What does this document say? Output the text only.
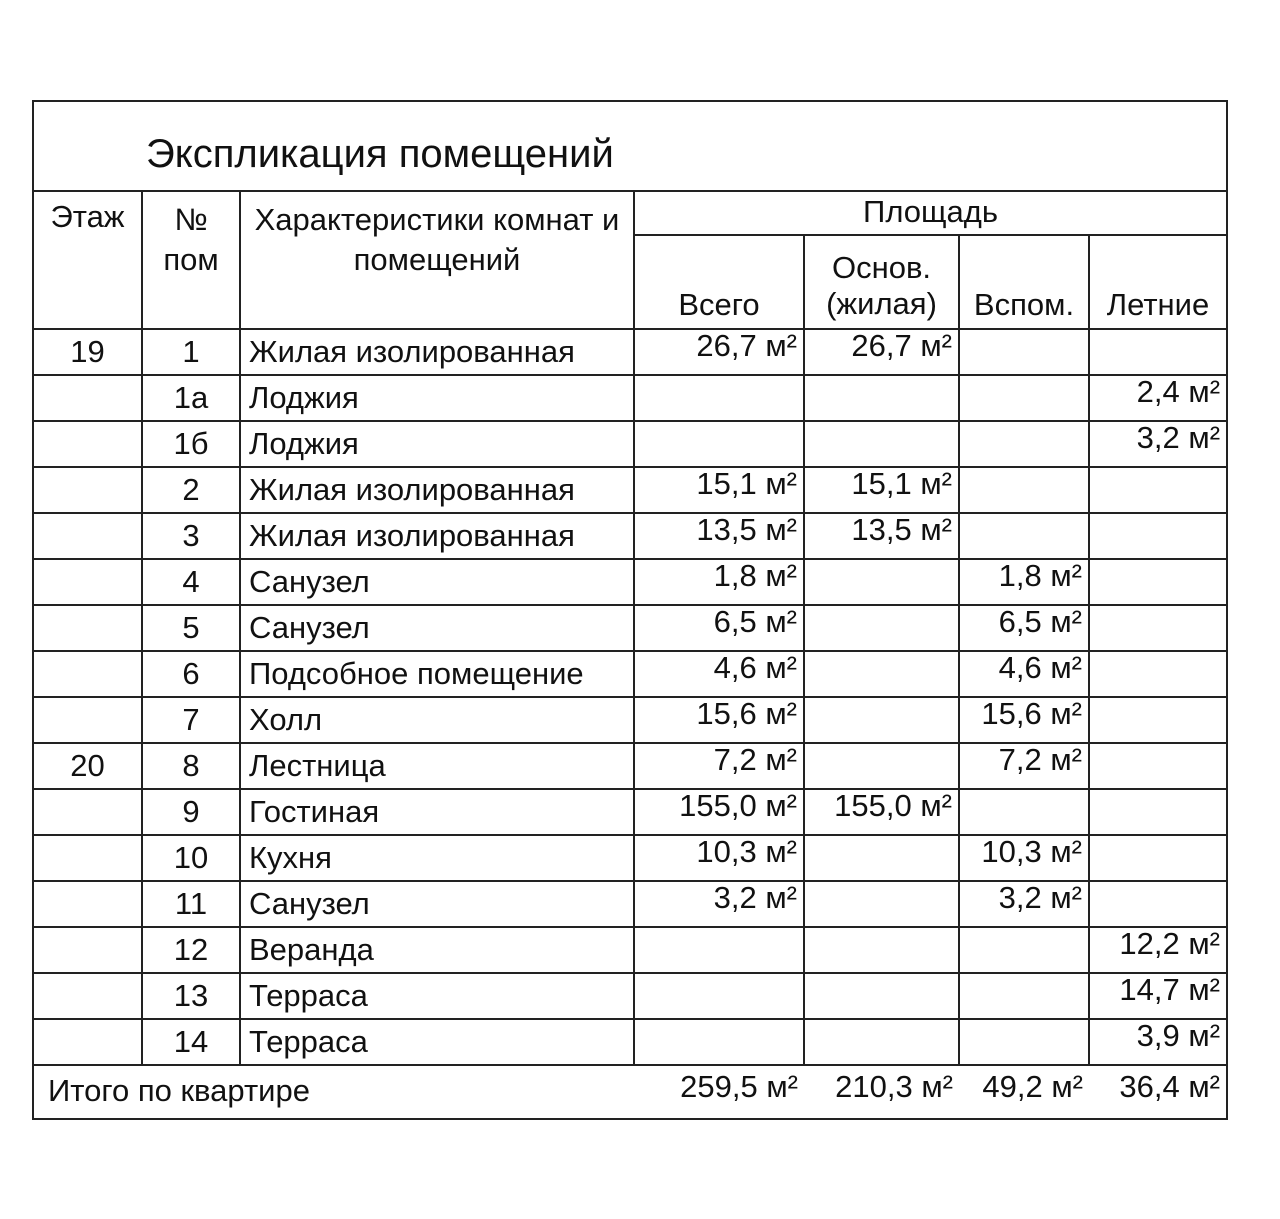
Экспликация помещений
Этаж	№ пом	Характеристики комнат и помещений	Площадь			
			Всего	Основ. (жилая)	Вспом.	Летние
19	1	Жилая изолированная	26,7 м²	26,7 м²		
	1а	Лоджия				2,4 м²
	1б	Лоджия				3,2 м²
	2	Жилая изолированная	15,1 м²	15,1 м²		
	3	Жилая изолированная	13,5 м²	13,5 м²		
	4	Санузел	1,8 м²		1,8 м²	
	5	Санузел	6,5 м²		6,5 м²	
	6	Подсобное помещение	4,6 м²		4,6 м²	
	7	Холл	15,6 м²		15,6 м²	
20	8	Лестница	7,2 м²		7,2 м²	
	9	Гостиная	155,0 м²	155,0 м²		
	10	Кухня	10,3 м²		10,3 м²	
	11	Санузел	3,2 м²		3,2 м²	
	12	Веранда				12,2 м²
	13	Терраса				14,7 м²
	14	Терраса				3,9 м²
Итого по квартире			259,5 м²	210,3 м²	49,2 м²	36,4 м²
